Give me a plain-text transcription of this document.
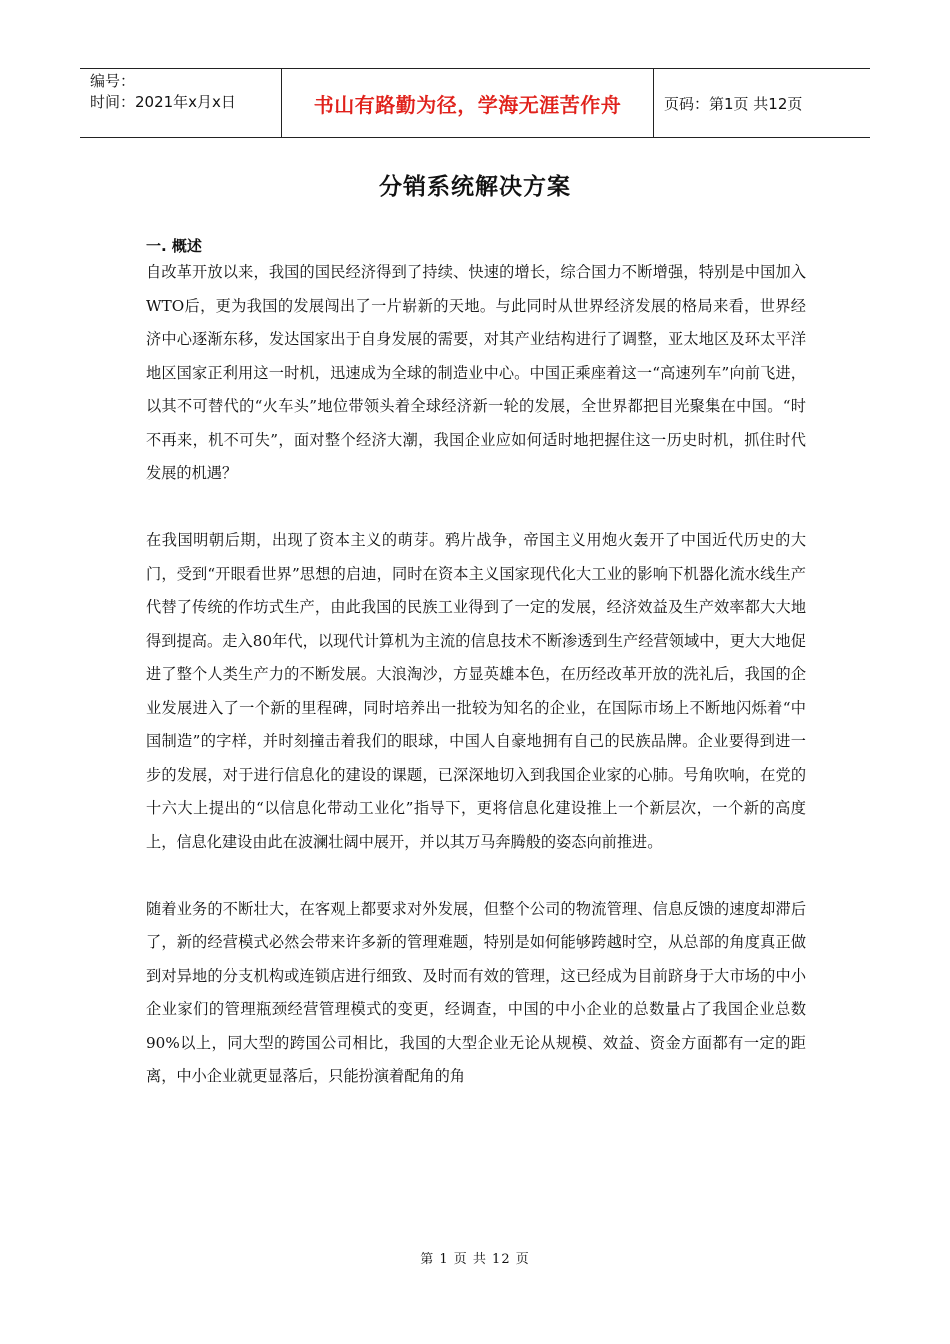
编号：
时间：2021年x月x日	书山有路勤为径，学海无涯苦作舟	页码：第1页 共12页
分销系统解决方案

一. 概述

自改革开放以来，我国的国民经济得到了持续、快速的增长，综合国力不断增强，特别是中国加入WTO后，更为我国的发展闯出了一片崭新的天地。与此同时从世界经济发展的格局来看，世界经济中心逐渐东移，发达国家出于自身发展的需要，对其产业结构进行了调整，亚太地区及环太平洋地区国家正利用这一时机，迅速成为全球的制造业中心。中国正乘座着这一“高速列车”向前飞进，以其不可替代的“火车头”地位带领头着全球经济新一轮的发展，全世界都把目光聚集在中国。“时不再来，机不可失”，面对整个经济大潮，我国企业应如何适时地把握住这一历史时机，抓住时代发展的机遇？

在我国明朝后期，出现了资本主义的萌芽。鸦片战争，帝国主义用炮火轰开了中国近代历史的大门，受到“开眼看世界”思想的启迪，同时在资本主义国家现代化大工业的影响下机器化流水线生产代替了传统的作坊式生产，由此我国的民族工业得到了一定的发展，经济效益及生产效率都大大地得到提高。走入80年代，以现代计算机为主流的信息技术不断渗透到生产经营领域中，更大大地促进了整个人类生产力的不断发展。大浪淘沙，方显英雄本色，在历经改革开放的洗礼后，我国的企业发展进入了一个新的里程碑，同时培养出一批较为知名的企业，在国际市场上不断地闪烁着“中国制造”的字样，并时刻撞击着我们的眼球，中国人自豪地拥有自己的民族品牌。企业要得到进一步的发展，对于进行信息化的建设的课题，已深深地切入到我国企业家的心肺。号角吹响，在党的十六大上提出的“以信息化带动工业化”指导下，更将信息化建设推上一个新层次，一个新的高度上，信息化建设由此在波澜壮阔中展开，并以其万马奔腾般的姿态向前推进。

随着业务的不断壮大，在客观上都要求对外发展，但整个公司的物流管理、信息反馈的速度却滞后了，新的经营模式必然会带来许多新的管理难题，特别是如何能够跨越时空，从总部的角度真正做到对异地的分支机构或连锁店进行细致、及时而有效的管理，这已经成为目前跻身于大市场的中小企业家们的管理瓶颈经营管理模式的变更，经调查，中国的中小企业的总数量占了我国企业总数90%以上，同大型的跨国公司相比，我国的大型企业无论从规模、效益、资金方面都有一定的距离，中小企业就更显落后，只能扮演着配角的角

第 1 页 共 12 页
